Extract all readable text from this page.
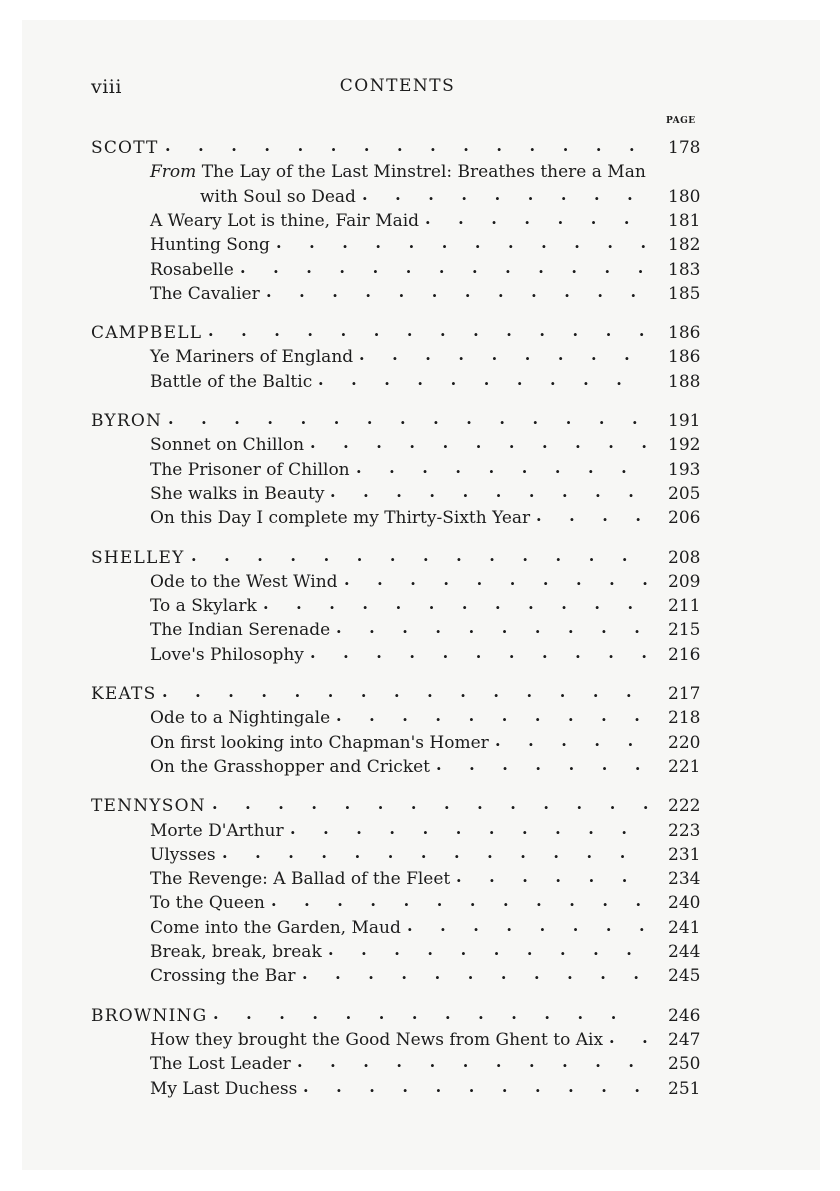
viii	CONTENTS
PAGE
SCOTT . . .	178
From The Lay of the Last Minstrel: Breathes there a Man
with Soul so Dead . . .	180
A Weary Lot is thine, Fair Maid . . .	181
Hunting Song . . .	182
Rosabelle . . .	183
The Cavalier . . .	185
CAMPBELL . . .	186
Ye Mariners of England . . .	186
Battle of the Baltic . . .	188
BYRON . . .	191
Sonnet on Chillon . . .	192
The Prisoner of Chillon . . .	193
She walks in Beauty . . .	205
On this Day I complete my Thirty-Sixth Year . . .	206
SHELLEY . . .	208
Ode to the West Wind . . .	209
To a Skylark . . .	211
The Indian Serenade . . .	215
Love's Philosophy . . .	216
KEATS . . .	217
Ode to a Nightingale . . .	218
On first looking into Chapman's Homer . . .	220
On the Grasshopper and Cricket . . .	221
TENNYSON . . .	222
Morte D'Arthur . . .	223
Ulysses . . .	231
The Revenge: A Ballad of the Fleet . . .	234
To the Queen . . .	240
Come into the Garden, Maud . . .	241
Break, break, break . . .	244
Crossing the Bar . . .	245
BROWNING . . .	246
How they brought the Good News from Ghent to Aix . . .	247
The Lost Leader . . .	250
My Last Duchess . . .	251
